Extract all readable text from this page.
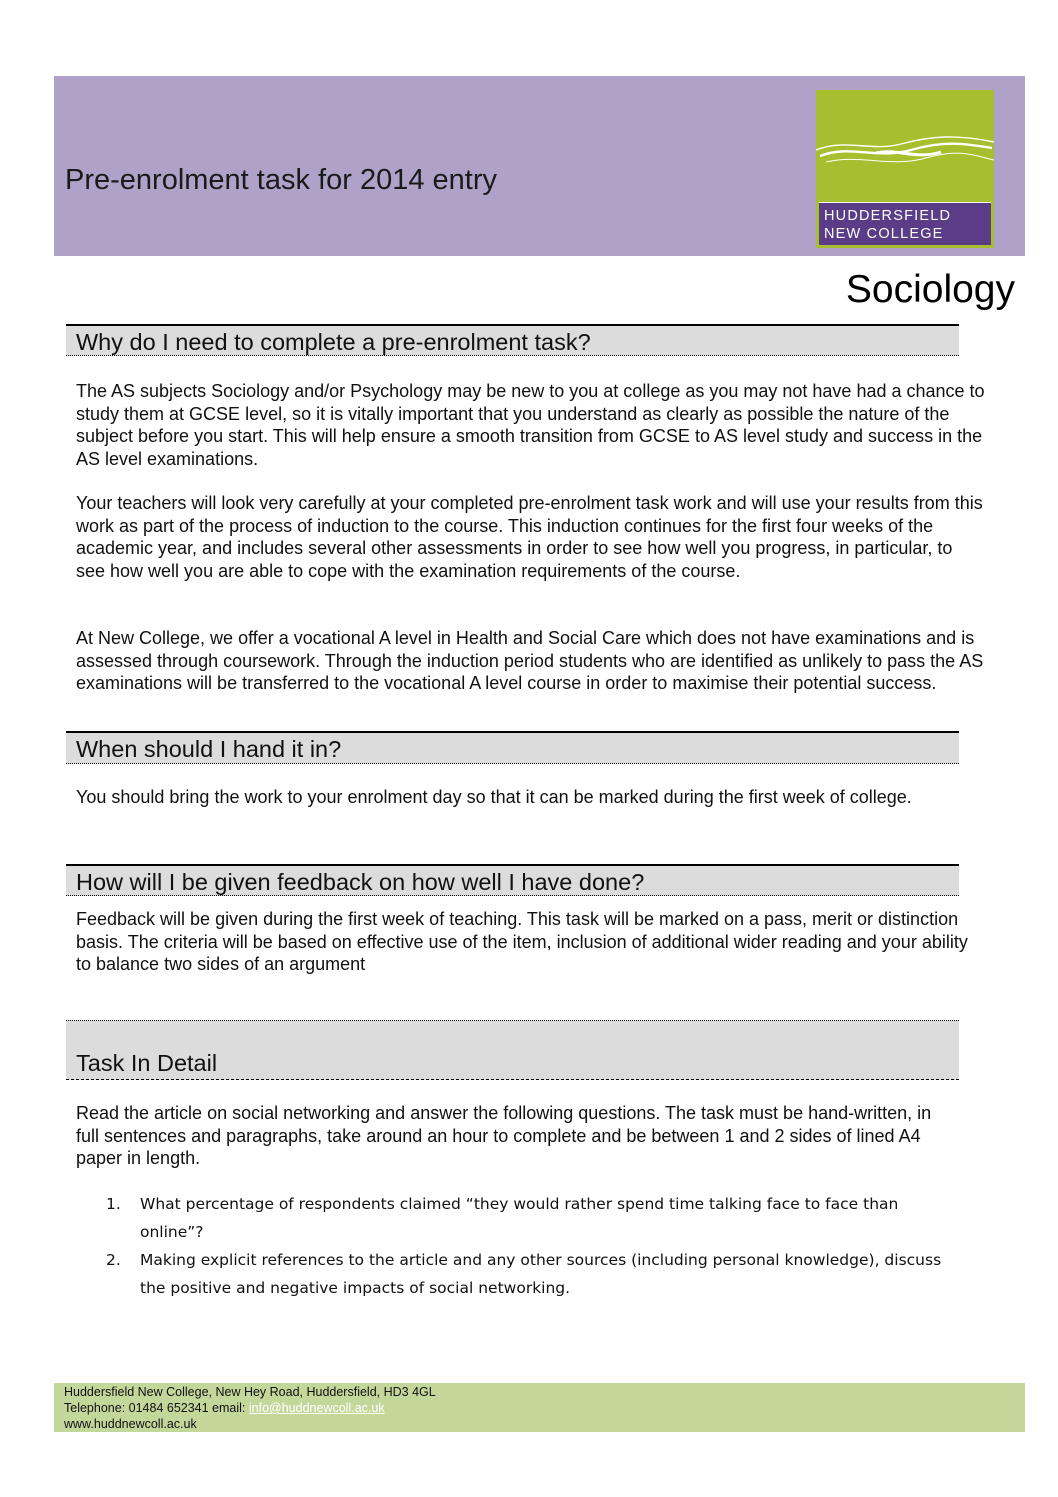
Pre-enrolment task for 2014 entry
HUDDERSFIELD
NEW COLLEGE
Sociology
Why do I need to complete a pre-enrolment task?

The AS subjects Sociology and/or Psychology may be new to you at college as you may not have had a chance to study them at GCSE level, so it is vitally important that you understand as clearly as possible the nature of the subject before you start. This will help ensure a smooth transition from GCSE to AS level study and success in the AS level examinations.

Your teachers will look very carefully at your completed pre-enrolment task work and will use your results from this work as part of the process of induction to the course. This induction continues for the first four weeks of the academic year, and includes several other assessments in order to see how well you progress, in particular, to see how well you are able to cope with the examination requirements of the course.

At New College, we offer a vocational A level in Health and Social Care which does not have examinations and is assessed through coursework. Through the induction period students who are identified as unlikely to pass the AS examinations will be transferred to the vocational A level course in order to maximise their potential success.

When should I hand it in?

You should bring the work to your enrolment day so that it can be marked during the first week of college.

How will I be given feedback on how well I have done?

Feedback will be given during the first week of teaching. This task will be marked on a pass, merit or distinction basis. The criteria will be based on effective use of the item, inclusion of additional wider reading and your ability to balance two sides of an argument

Task In Detail

Read the article on social networking and answer the following questions. The task must be hand-written, in full sentences and paragraphs, take around an hour to complete and be between 1 and 2 sides of lined A4 paper in length.

1. What percentage of respondents claimed “they would rather spend time talking face to face than online”?
2. Making explicit references to the article and any other sources (including personal knowledge), discuss the positive and negative impacts of social networking.
Huddersfield New College, New Hey Road, Huddersfield, HD3 4GL
Telephone: 01484 652341 email: info@huddnewcoll.ac.uk
www.huddnewcoll.ac.uk
